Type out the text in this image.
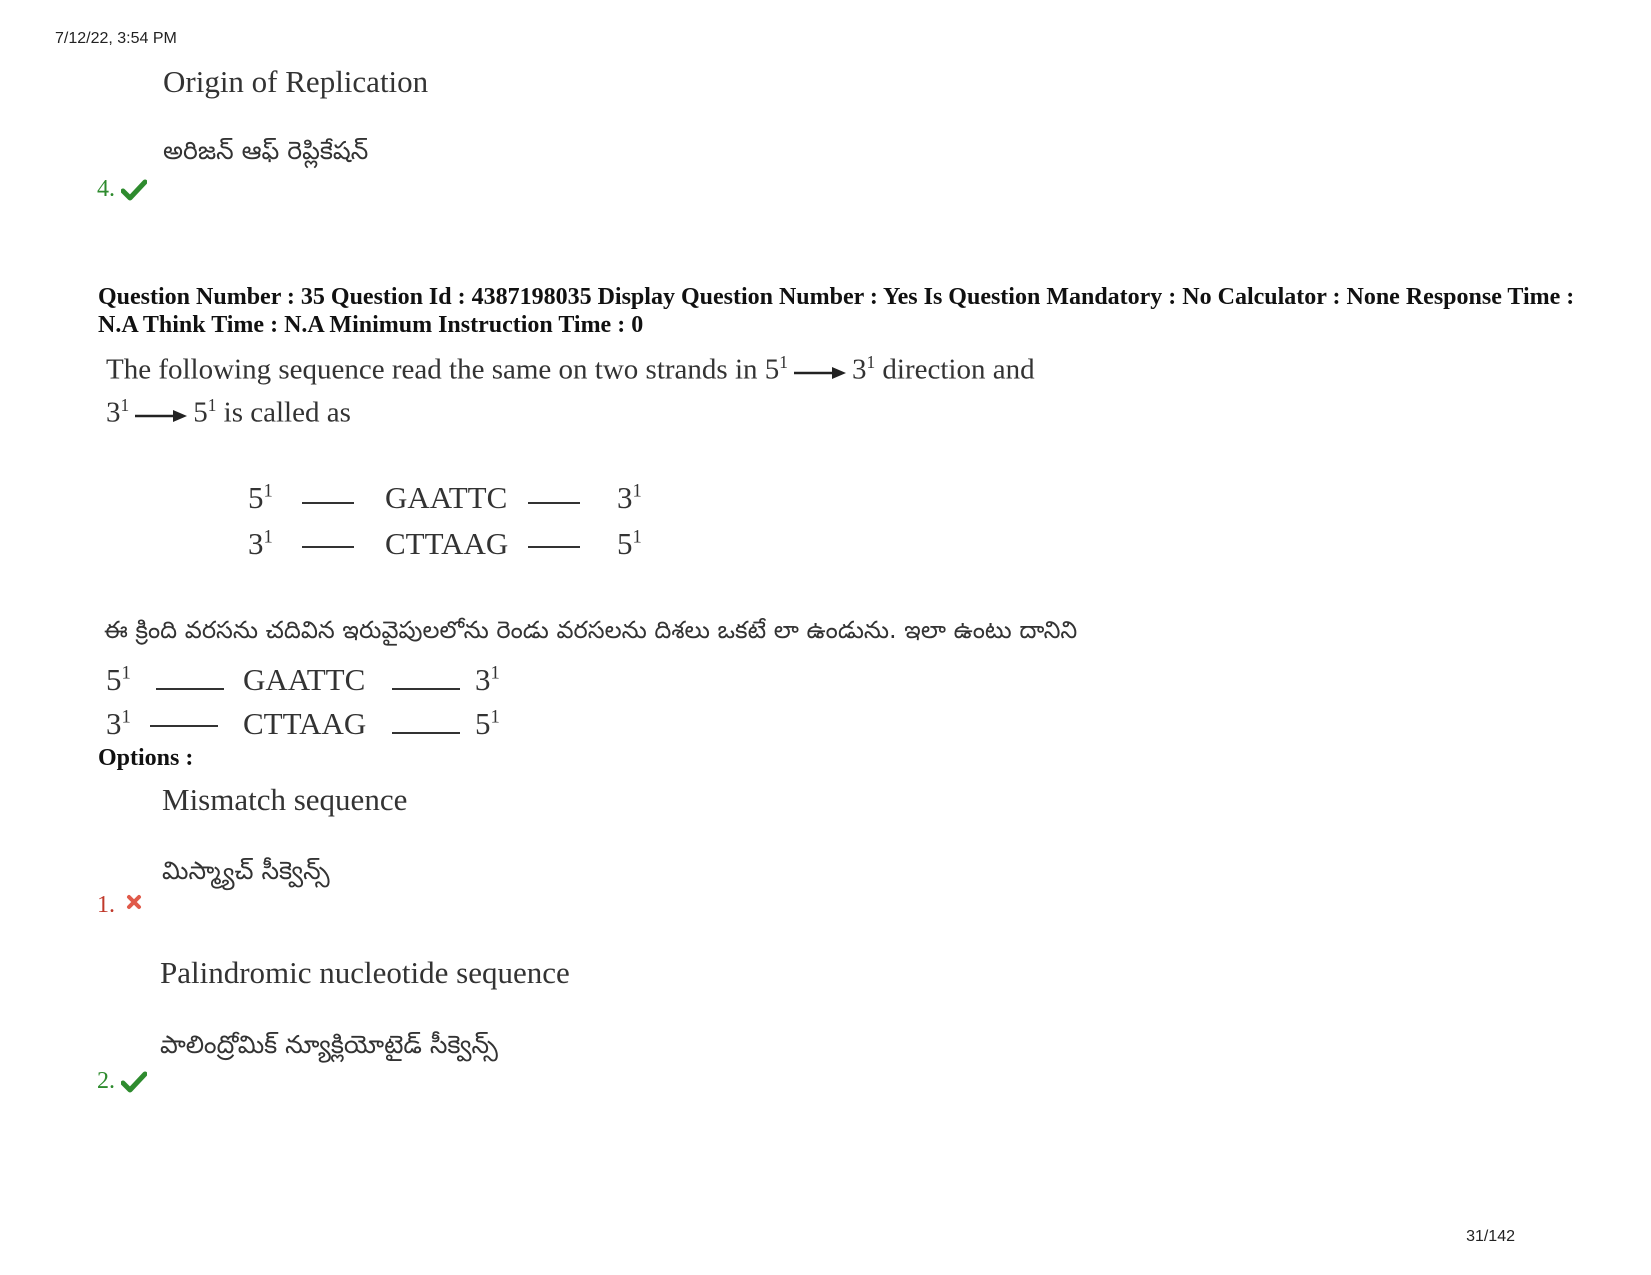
7/12/22, 3:54 PM
31/142
Origin of Replication
అరిజన్ ఆఫ్ రెప్లికేషన్
4.
Question Number : 35 Question Id : 4387198035 Display Question Number : Yes Is Question Mandatory : No Calculator : None Response Time : N.A Think Time : N.A Minimum Instruction Time : 0
The following sequence read the same on two strands in $5^1$ $3^1$ direction and
$3^1$ $5^1$ is called as
$5^1$	GAATTC	$3^1$
$3^1$	CTTAAG	$5^1$
ఈ క్రింది వరసను చదివిన ఇరువైపులలోను రెండు వరసలను దిశలు ఒకటే లా ఉండును. ఇలా ఉంటు దానిని
$5^1$	GAATTC	$3^1$
$3^1$	CTTAAG	$5^1$
Options :
Mismatch sequence
మిస్మ్యాచ్ సీక్వెన్స్
1.
Palindromic nucleotide sequence
పాలింద్రోమిక్ న్యూక్లియోటైడ్ సీక్వెన్స్
2.
